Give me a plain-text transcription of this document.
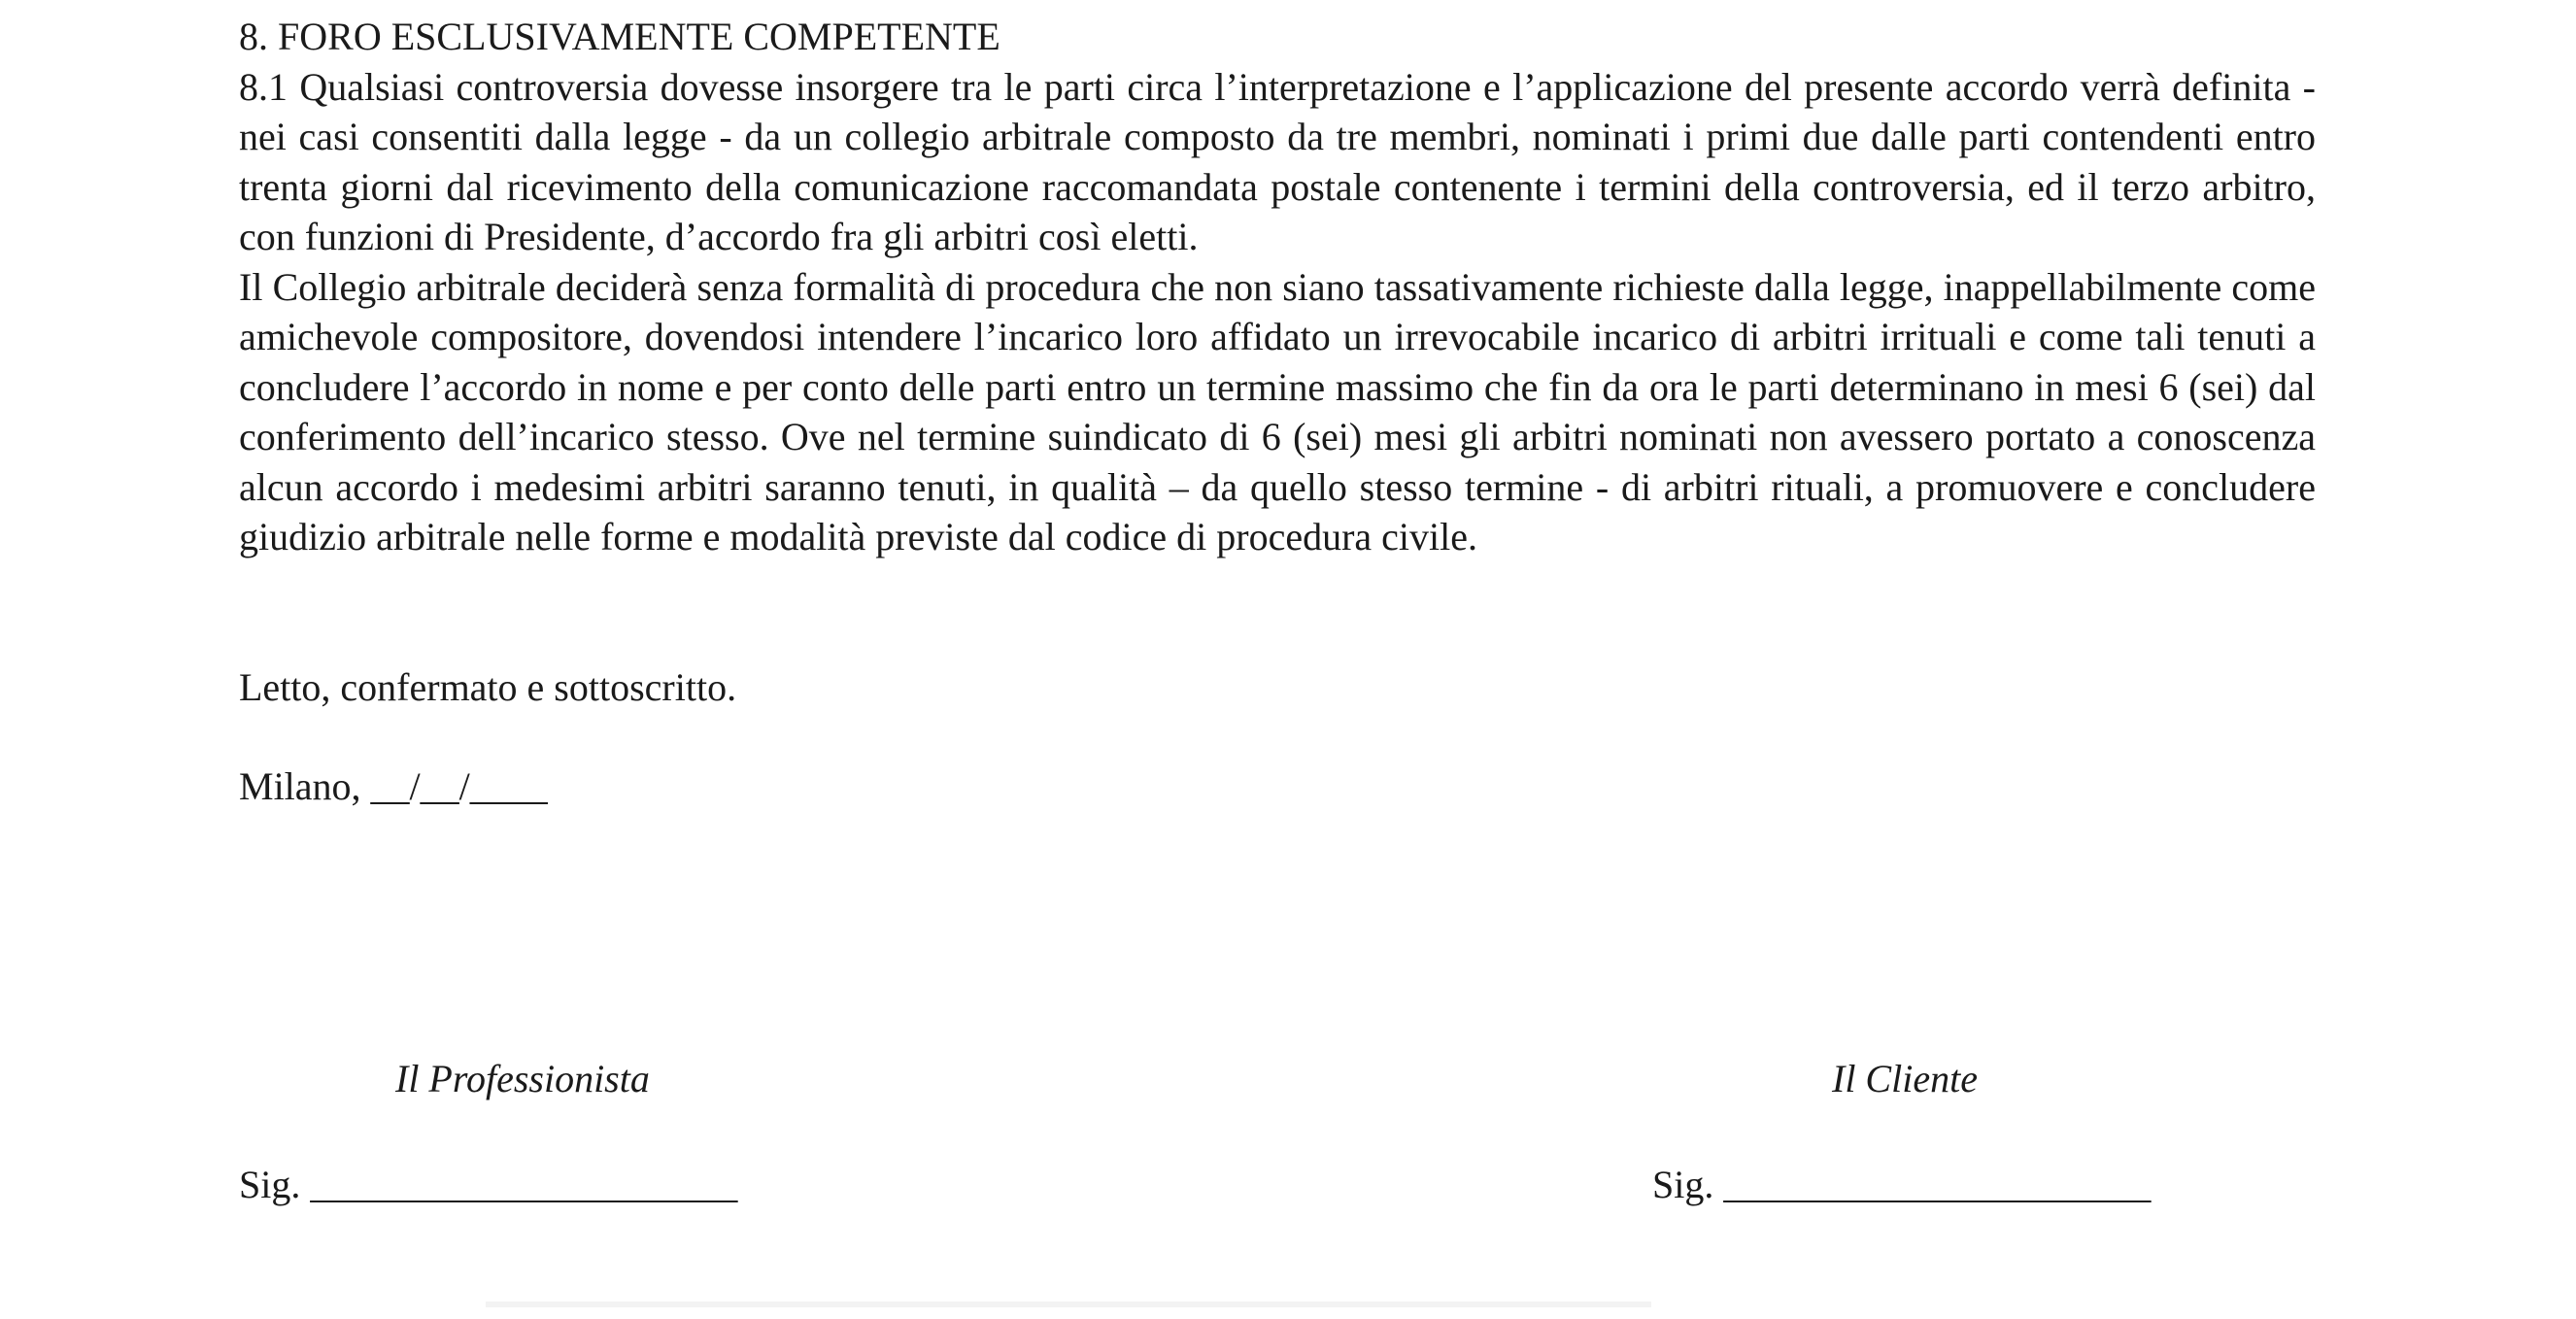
8. FORO ESCLUSIVAMENTE COMPETENTE

8.1 Qualsiasi controversia dovesse insorgere tra le parti circa l’interpretazione e l’applicazione del presente accordo verrà definita - nei casi consentiti dalla legge - da un collegio arbitrale composto da tre membri, nominati i primi due dalle parti contendenti entro trenta giorni dal ricevimento della comunicazione raccomandata postale contenente i termini della controversia, ed il terzo arbitro, con funzioni di Presidente, d’accordo fra gli arbitri così eletti.

Il Collegio arbitrale deciderà senza formalità di procedura che non siano tassativamente richieste dalla legge, inappellabilmente come amichevole compositore, dovendosi intendere l’incarico loro affidato un irrevocabile incarico di arbitri irrituali e come tali tenuti a concludere l’accordo in nome e per conto delle parti entro un termine massimo che fin da ora le parti determinano in mesi 6 (sei) dal conferimento dell’incarico stesso. Ove nel termine suindicato di 6 (sei) mesi gli arbitri nominati non avessero portato a conoscenza alcun accordo i medesimi arbitri saranno tenuti, in qualità – da quello stesso termine - di arbitri rituali, a promuovere e concludere giudizio arbitrale nelle forme e modalità previste dal codice di procedura civile.

Letto, confermato e sottoscritto.

Milano, __/__/____

Il Professionista	Il Cliente
Sig. ______________________	Sig. ______________________
